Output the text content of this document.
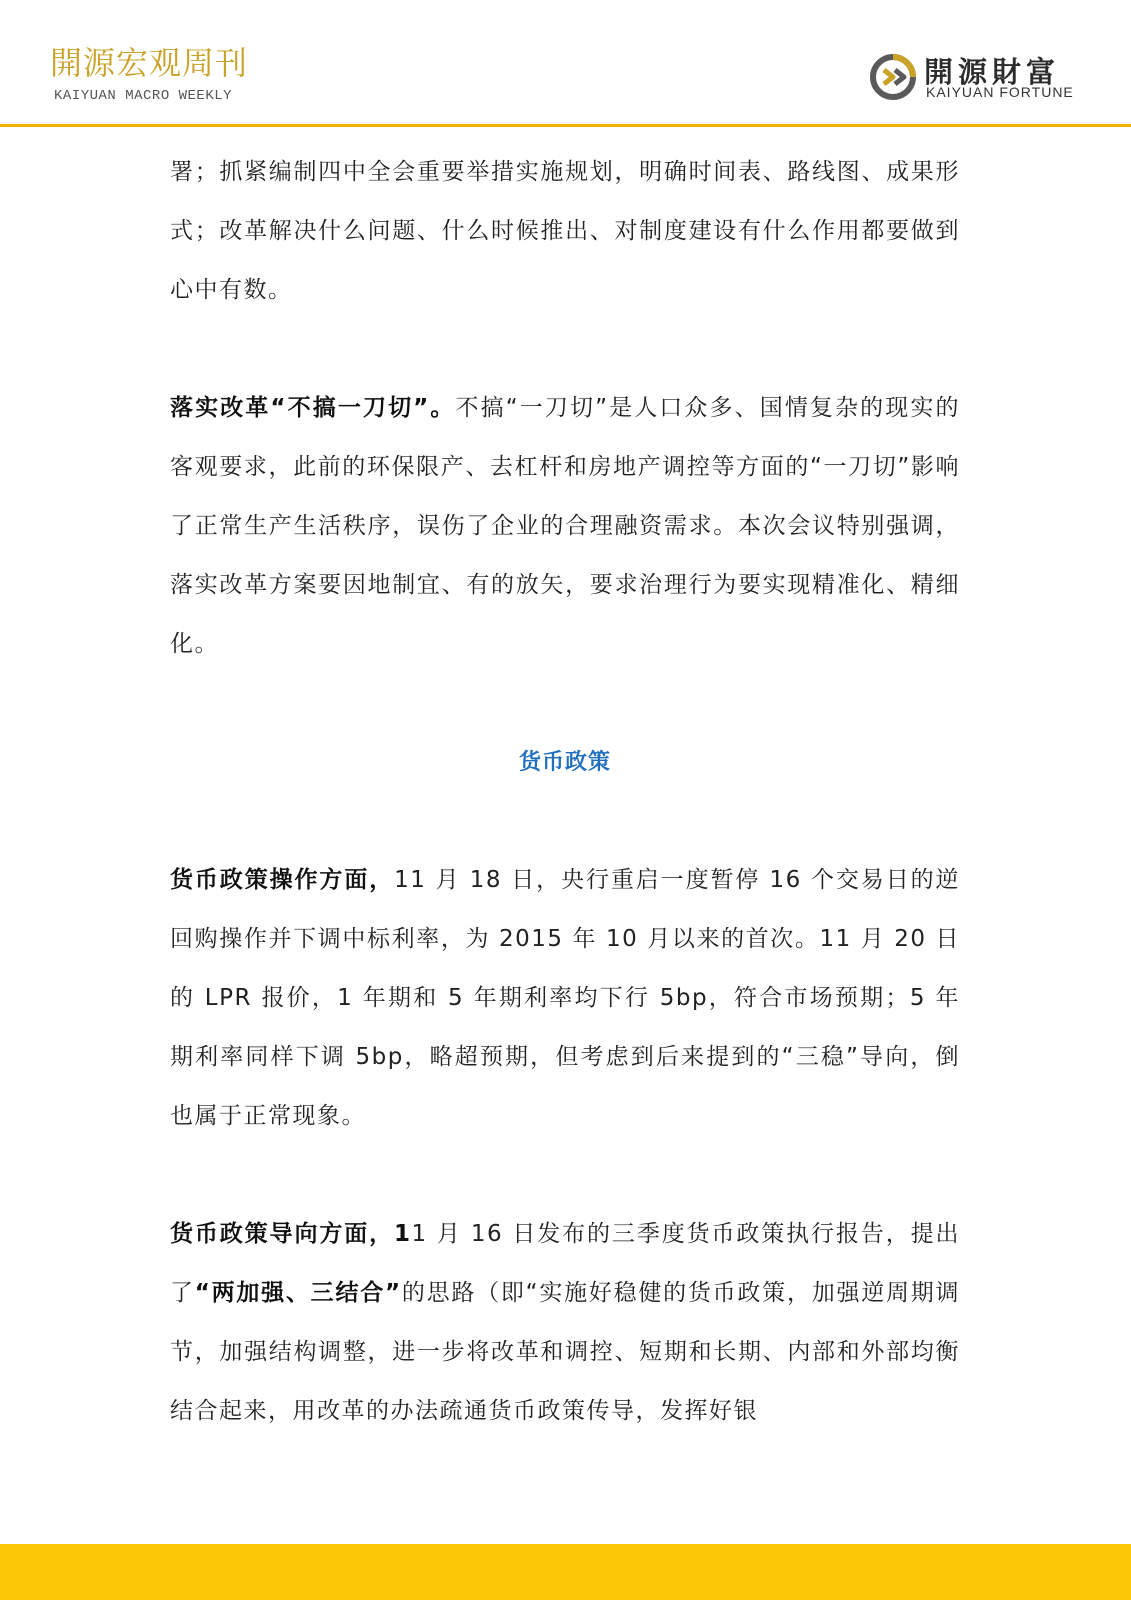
開源宏观周刊
KAIYUAN MACRO WEEKLY
開源財富
KAIYUAN FORTUNE

署；抓紧编制四中全会重要举措实施规划，明确时间表、路线图、成果形式；改革解决什么问题、什么时候推出、对制度建设有什么作用都要做到心中有数。

落实改革“不搞一刀切”。不搞“一刀切”是人口众多、国情复杂的现实的客观要求，此前的环保限产、去杠杆和房地产调控等方面的“一刀切”影响了正常生产生活秩序，误伤了企业的合理融资需求。本次会议特别强调，落实改革方案要因地制宜、有的放矢，要求治理行为要实现精准化、精细化。

货币政策

货币政策操作方面，11 月 18 日，央行重启一度暂停 16 个交易日的逆回购操作并下调中标利率，为 2015 年 10 月以来的首次。11 月 20 日的 LPR 报价，1 年期和 5 年期利率均下行 5bp，符合市场预期；5 年期利率同样下调 5bp，略超预期，但考虑到后来提到的“三稳”导向，倒也属于正常现象。

货币政策导向方面，11 月 16 日发布的三季度货币政策执行报告，提出了“两加强、三结合”的思路（即“实施好稳健的货币政策，加强逆周期调节，加强结构调整，进一步将改革和调控、短期和长期、内部和外部均衡结合起来，用改革的办法疏通货币政策传导，发挥好银
